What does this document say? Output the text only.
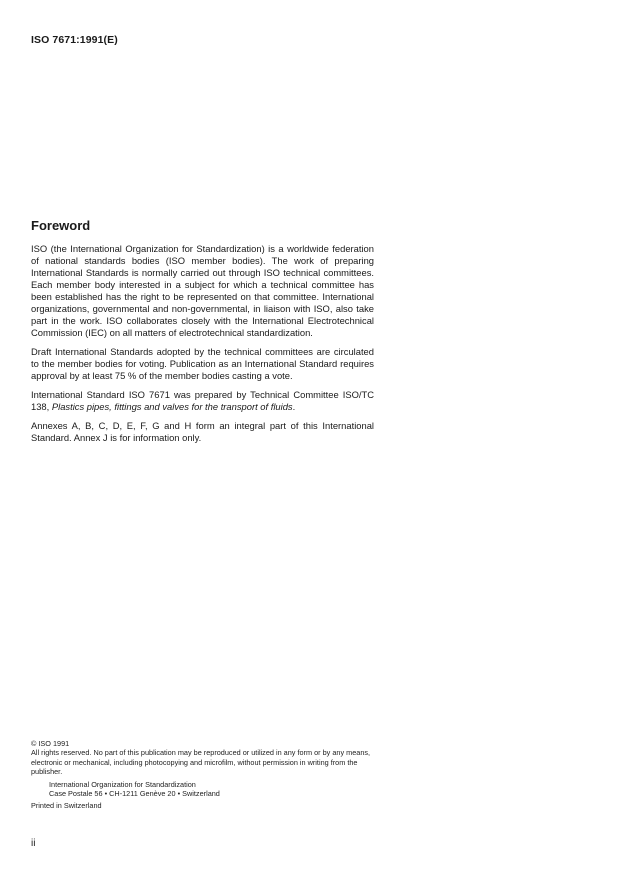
ISO 7671:1991(E)
Foreword

ISO (the International Organization for Standardization) is a worldwide federation of national standards bodies (ISO member bodies). The work of preparing International Standards is normally carried out through ISO technical committees. Each member body interested in a subject for which a technical committee has been established has the right to be represented on that committee. International organizations, governmental and non-governmental, in liaison with ISO, also take part in the work. ISO collaborates closely with the International Electrotechnical Commission (IEC) on all matters of electrotechnical standardization.

Draft International Standards adopted by the technical committees are circulated to the member bodies for voting. Publication as an International Standard requires approval by at least 75 % of the member bodies casting a vote.

International Standard ISO 7671 was prepared by Technical Committee ISO/TC 138, Plastics pipes, fittings and valves for the transport of fluids.

Annexes A, B, C, D, E, F, G and H form an integral part of this International Standard. Annex J is for information only.

© ISO 1991

All rights reserved. No part of this publication may be reproduced or utilized in any form or by any means, electronic or mechanical, including photocopying and microfilm, without permission in writing from the publisher.

International Organization for Standardization

Case Postale 56 • CH-1211 Genève 20 • Switzerland

Printed in Switzerland

ii
